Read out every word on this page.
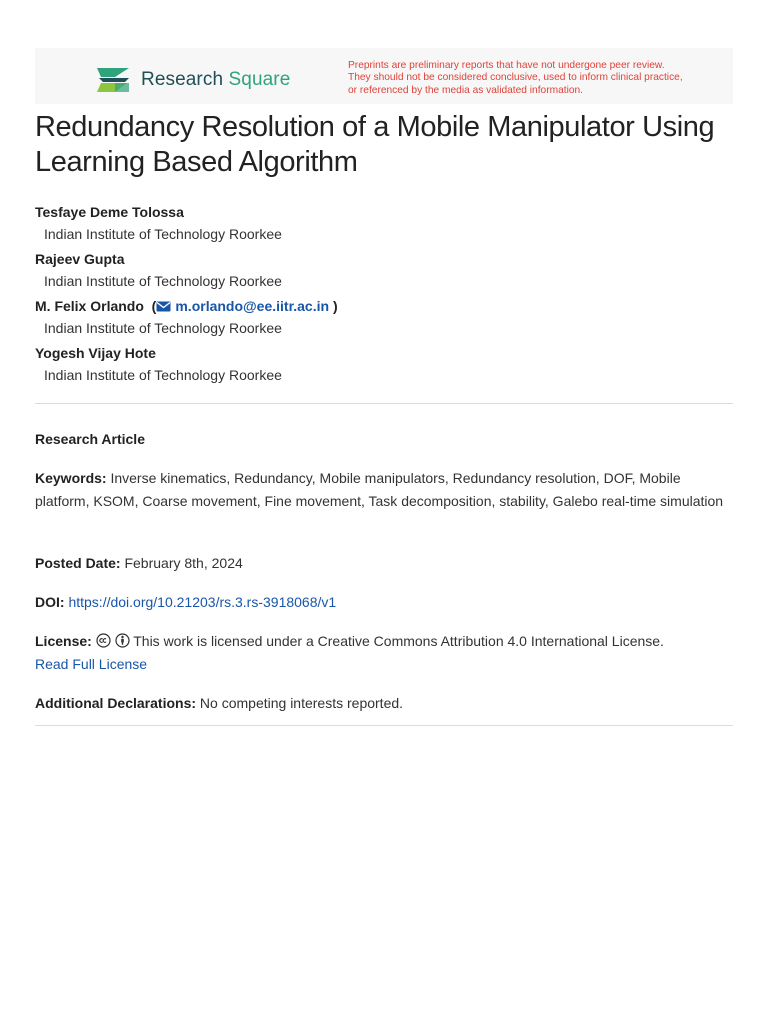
Research Square
Preprints are preliminary reports that have not undergone peer review.
They should not be considered conclusive, used to inform clinical practice,
or referenced by the media as validated information.
Redundancy Resolution of a Mobile Manipulator Using Learning Based Algorithm
Tesfaye Deme Tolossa
Indian Institute of Technology Roorkee
Rajeev Gupta
Indian Institute of Technology Roorkee
M. Felix Orlando  ( m.orlando@ee.iitr.ac.in )
Indian Institute of Technology Roorkee
Yogesh Vijay Hote
Indian Institute of Technology Roorkee
Research Article
Keywords: Inverse kinematics, Redundancy, Mobile manipulators, Redundancy resolution, DOF, Mobile platform, KSOM, Coarse movement, Fine movement, Task decomposition, stability, Galebo real-time simulation
Posted Date: February 8th, 2024
DOI: https://doi.org/10.21203/rs.3.rs-3918068/v1
License:	This work is licensed under a Creative Commons Attribution 4.0 International License.
Read Full License
Additional Declarations: No competing interests reported.
